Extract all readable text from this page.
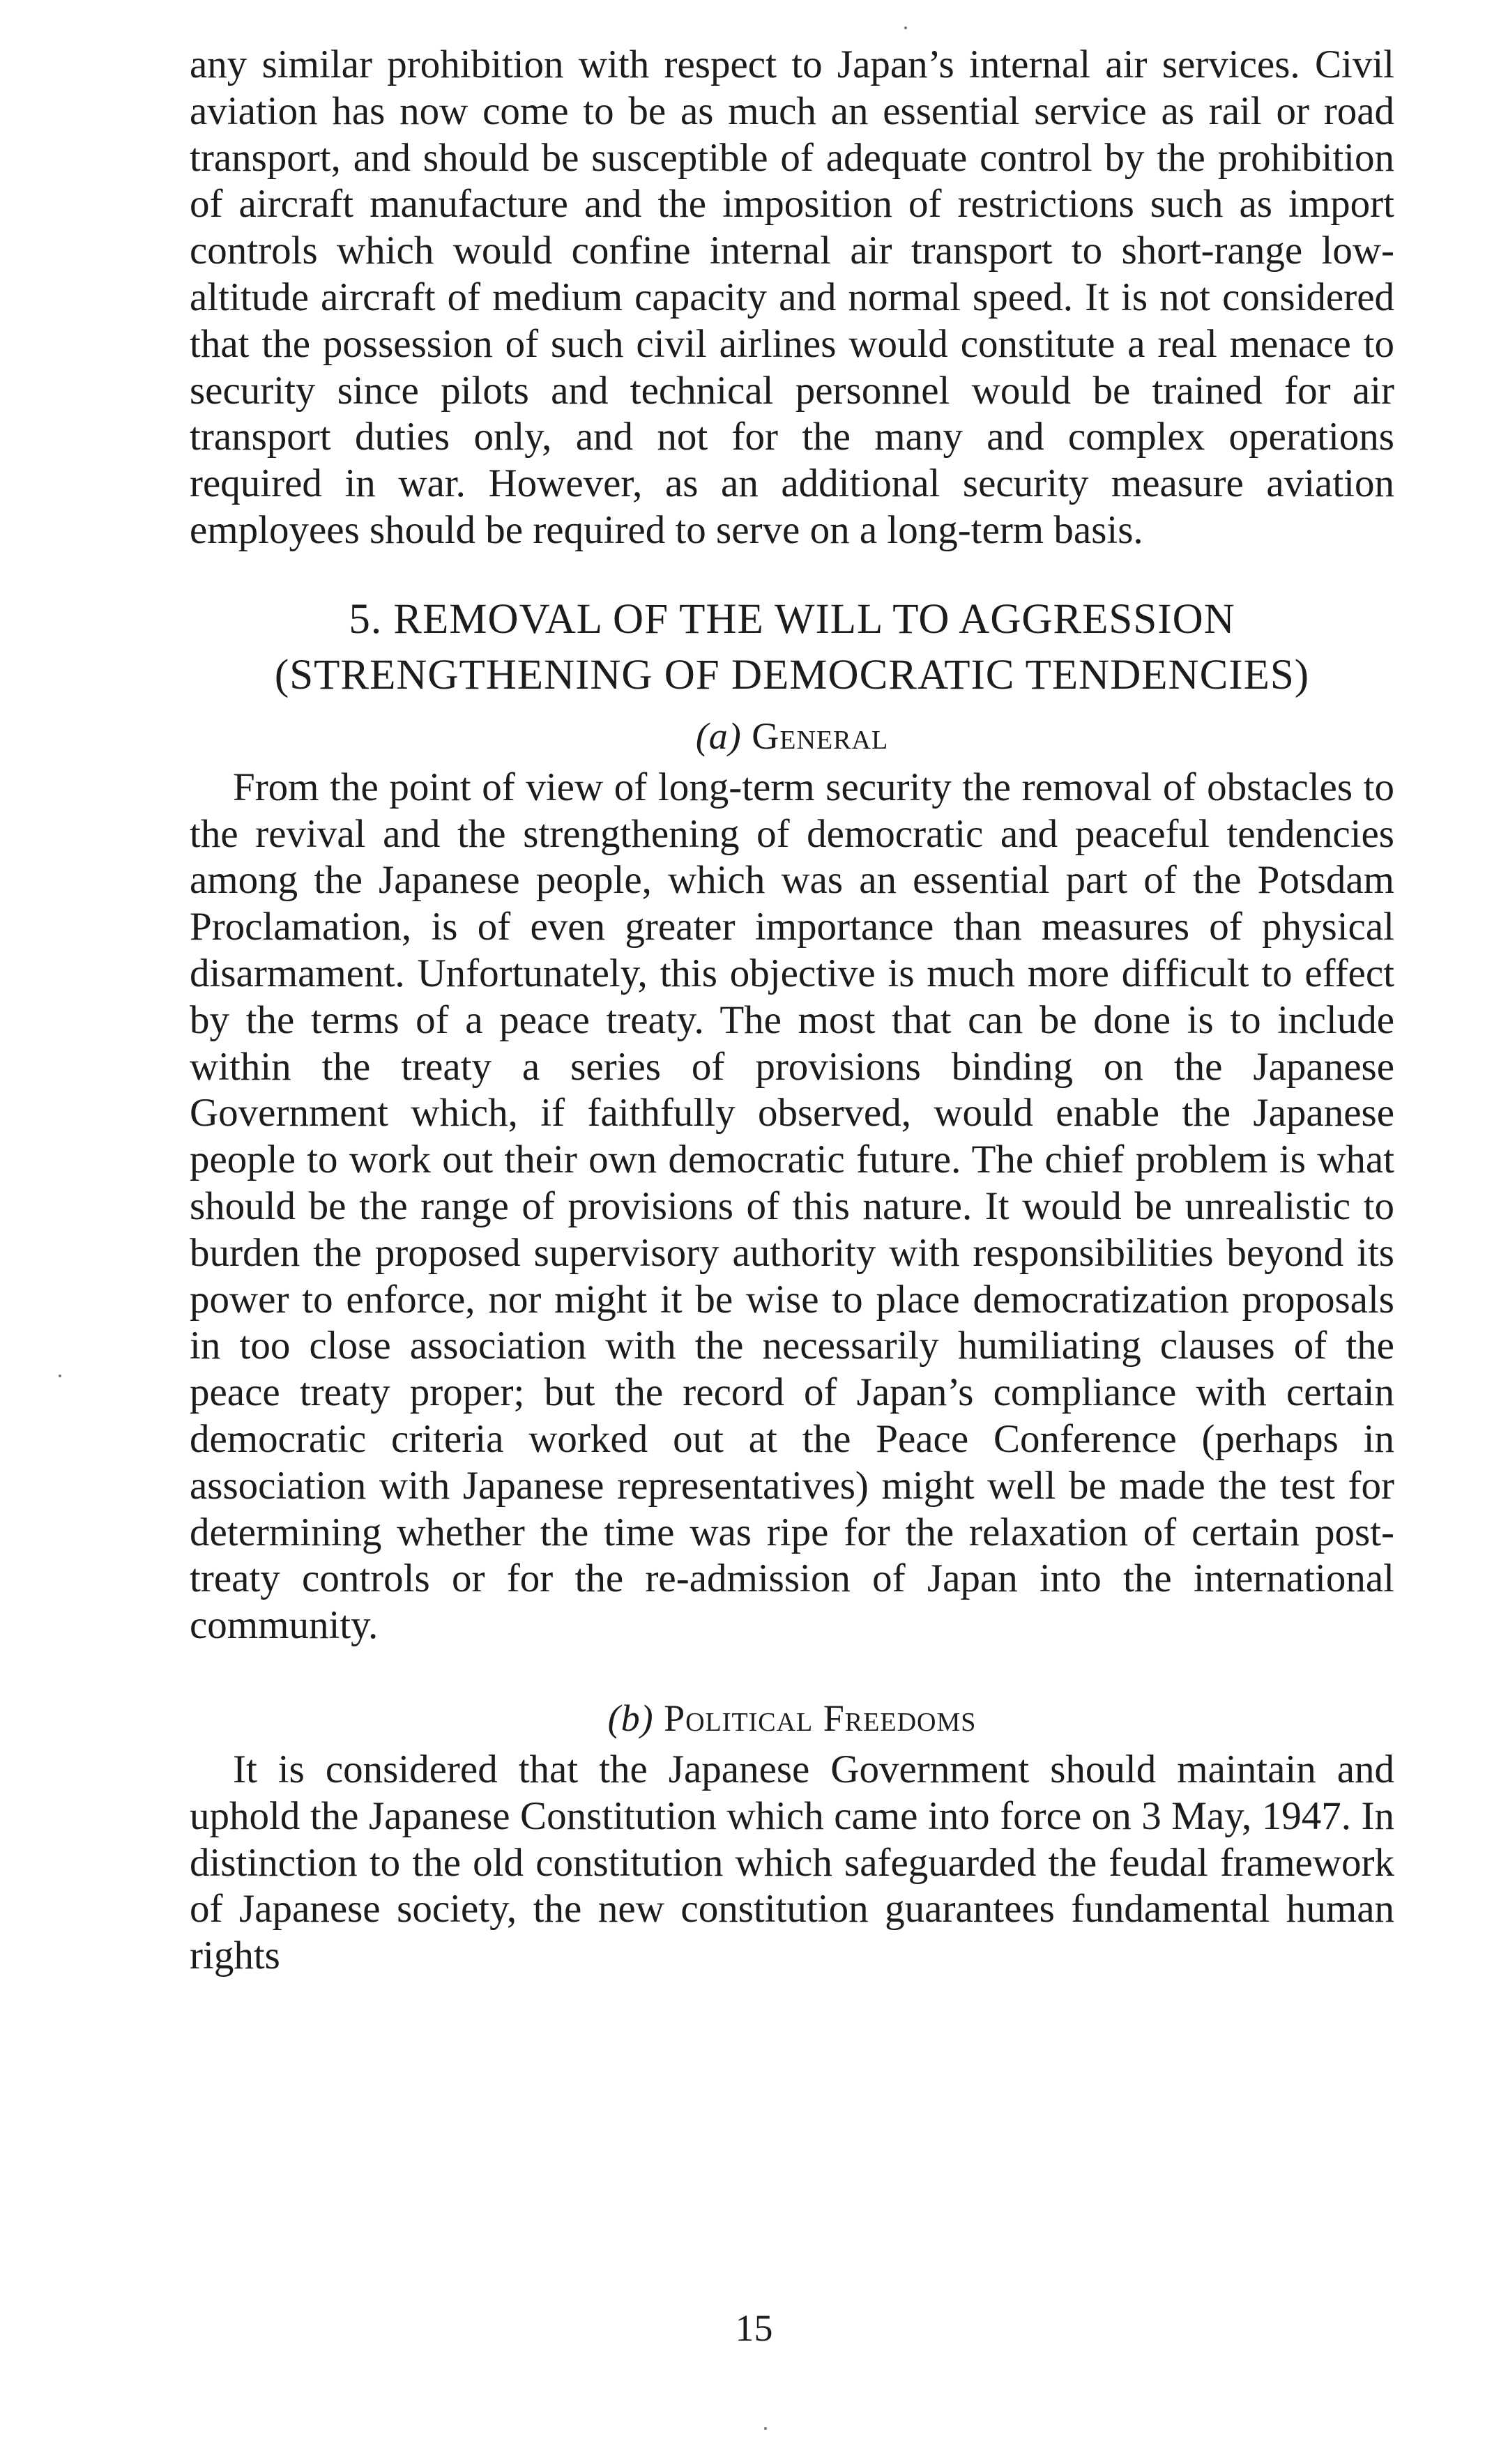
any similar prohibition with respect to Japan’s internal air services. Civil aviation has now come to be as much an essential service as rail or road transport, and should be susceptible of adequate control by the prohibition of aircraft manufacture and the imposition of restrictions such as import controls which would confine internal air transport to short-range low-altitude aircraft of medium capacity and normal speed. It is not considered that the possession of such civil airlines would constitute a real menace to security since pilots and technical personnel would be trained for air transport duties only, and not for the many and complex operations required in war. However, as an additional security measure aviation employees should be required to serve on a long-term basis.

5. REMOVAL OF THE WILL TO AGGRESSION

(STRENGTHENING OF DEMOCRATIC TENDENCIES)

(a) General

From the point of view of long-term security the removal of obstacles to the revival and the strengthening of democratic and peaceful tendencies among the Japanese people, which was an essential part of the Potsdam Proclamation, is of even greater importance than measures of physical disarmament. Unfortunately, this objective is much more difficult to effect by the terms of a peace treaty. The most that can be done is to include within the treaty a series of provisions binding on the Japanese Government which, if faithfully observed, would enable the Japanese people to work out their own democratic future. The chief problem is what should be the range of provisions of this nature. It would be unrealistic to burden the proposed supervisory authority with responsibilities beyond its power to enforce, nor might it be wise to place democratization proposals in too close association with the necessarily humiliating clauses of the peace treaty proper; but the record of Japan’s compliance with certain democratic criteria worked out at the Peace Conference (perhaps in association with Japanese representatives) might well be made the test for determining whether the time was ripe for the relaxation of certain post-treaty controls or for the re-admission of Japan into the international community.

(b) Political Freedoms

It is considered that the Japanese Government should maintain and uphold the Japanese Constitution which came into force on 3 May, 1947. In distinction to the old constitution which safeguarded the feudal framework of Japanese society, the new constitution guarantees fundamental human rights

15
